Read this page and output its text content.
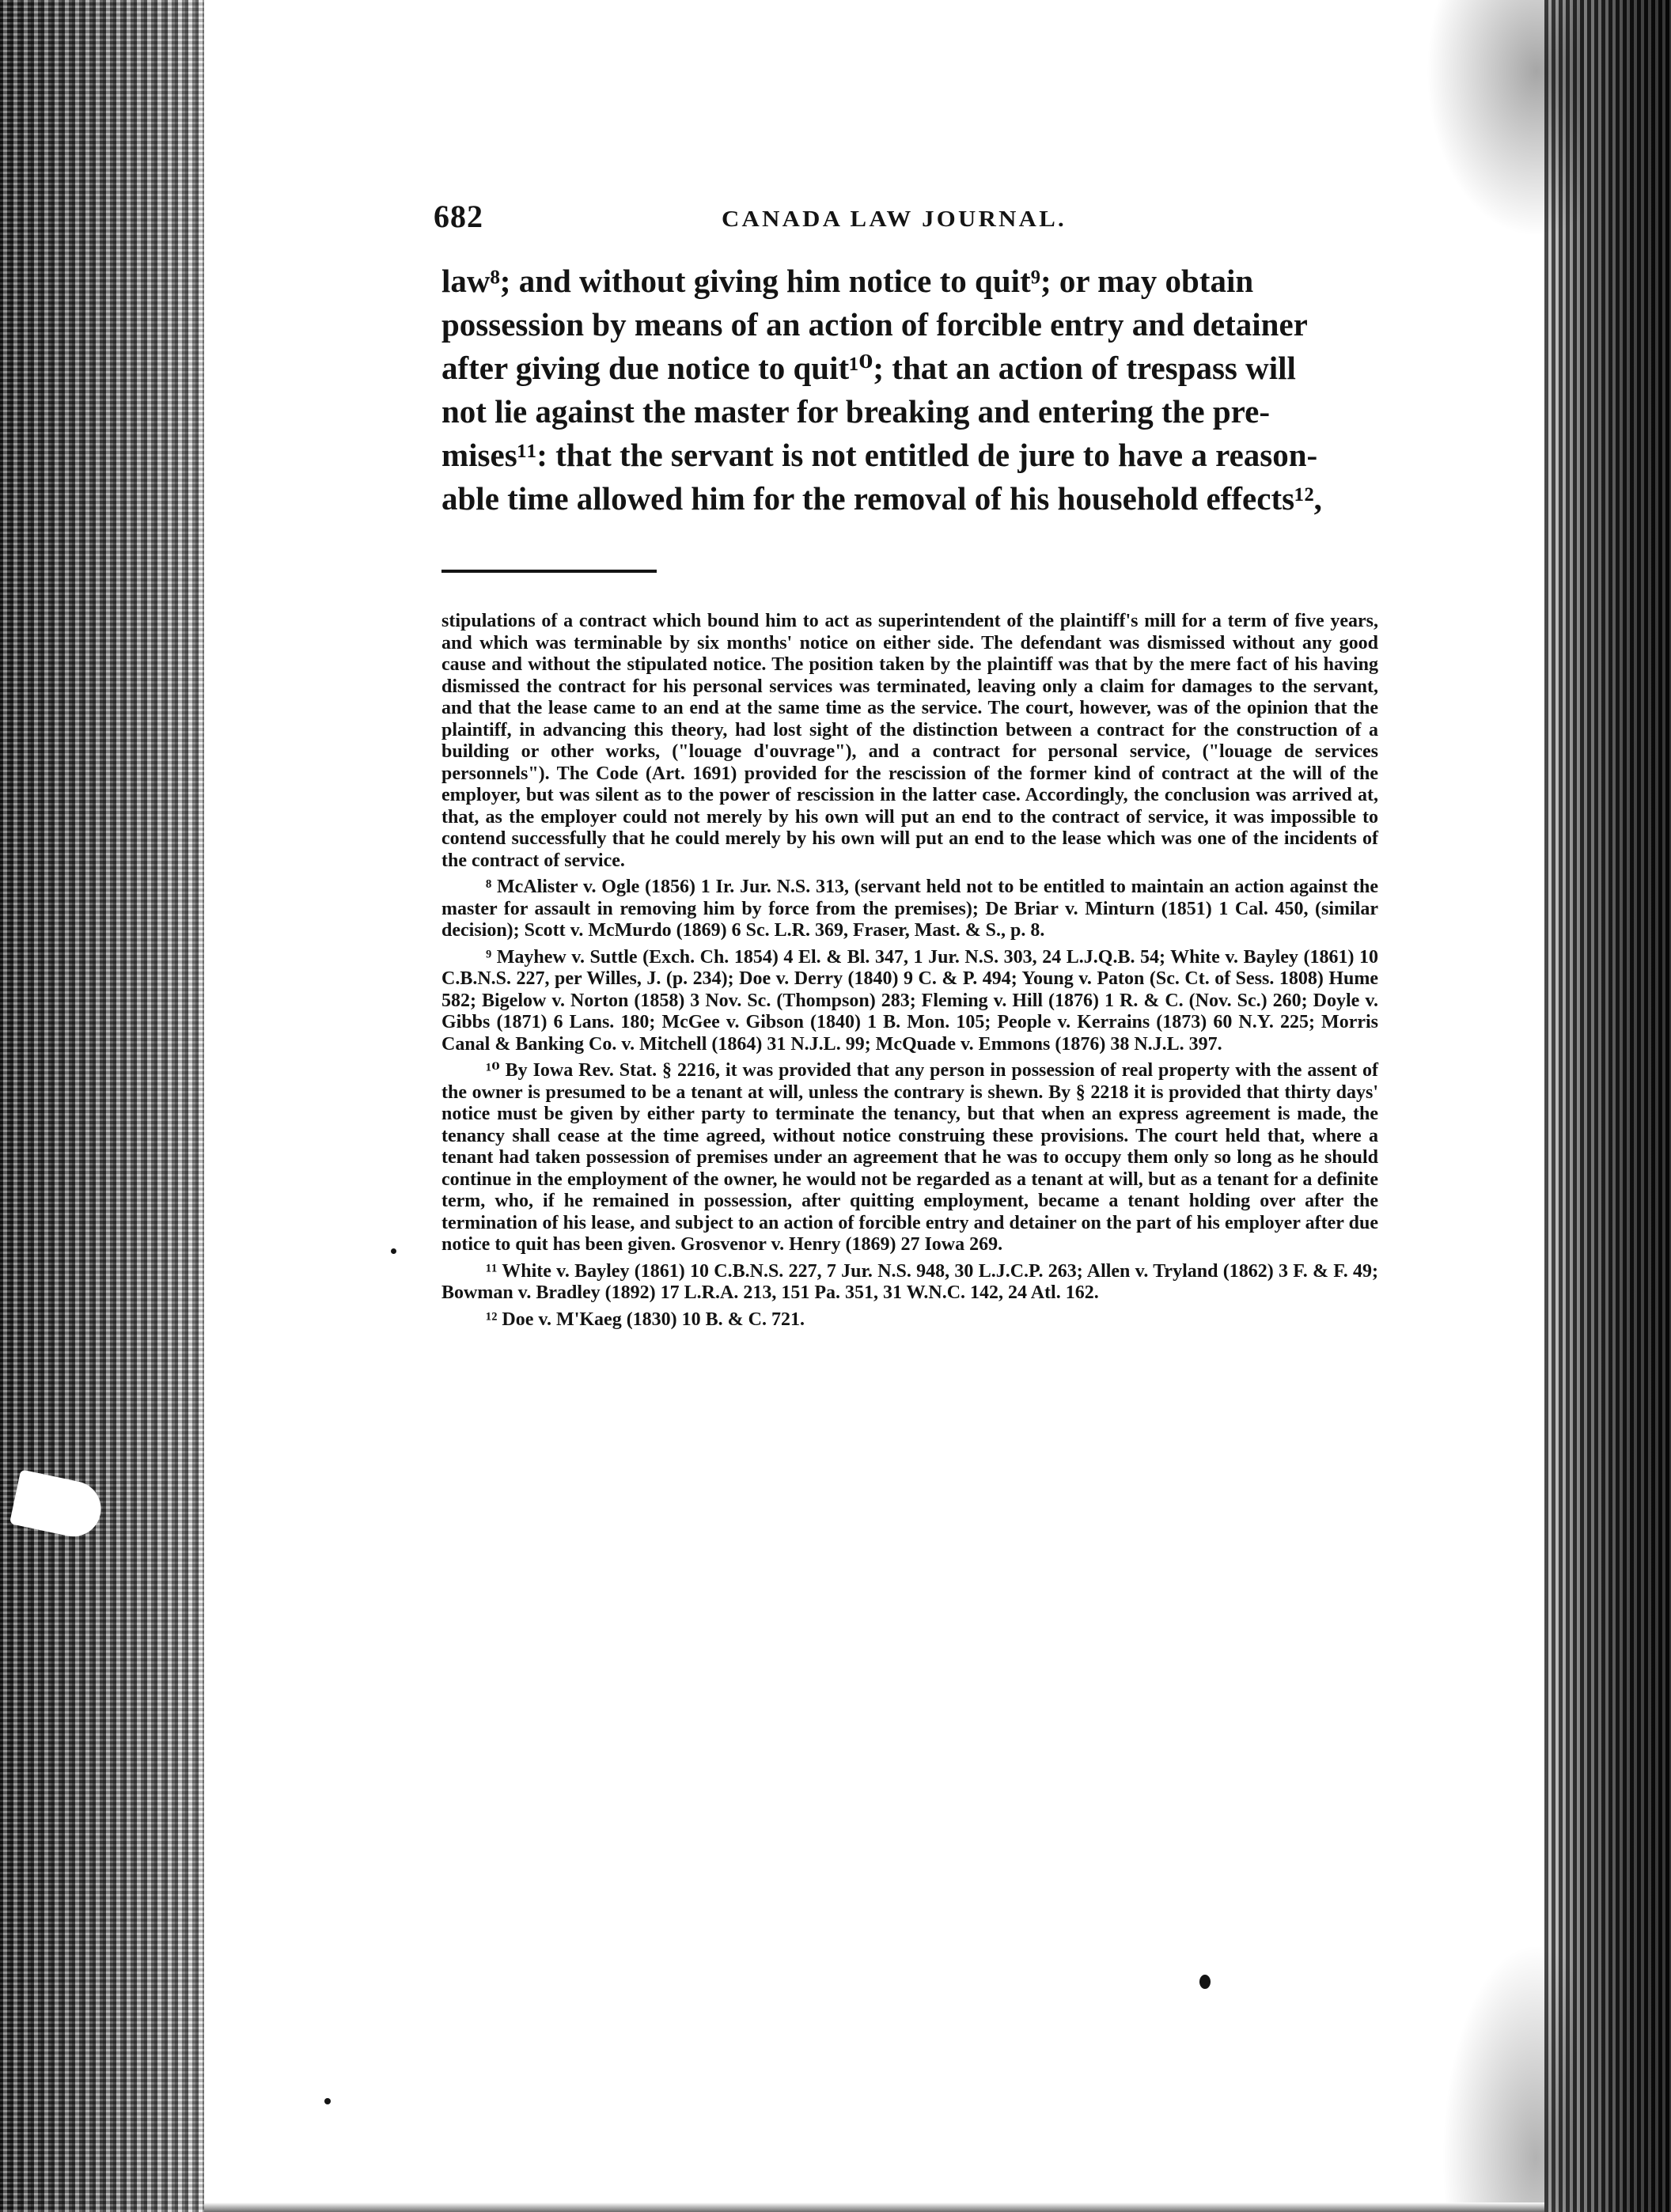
682	CANADA LAW JOURNAL.

law⁸; and without giving him notice to quit⁹; or may obtain

possession by means of an action of forcible entry and detainer

after giving due notice to quit¹⁰; that an action of trespass will

not lie against the master for breaking and entering the pre-

mises¹¹: that the servant is not entitled de jure to have a reason-

able time allowed him for the removal of his household effects¹²,

stipulations of a contract which bound him to act as superintendent of the plaintiff's mill for a term of five years, and which was terminable by six months' notice on either side. The defendant was dismissed without any good cause and without the stipulated notice. The position taken by the plaintiff was that by the mere fact of his having dismissed the contract for his personal services was terminated, leaving only a claim for damages to the servant, and that the lease came to an end at the same time as the service. The court, however, was of the opinion that the plaintiff, in advancing this theory, had lost sight of the distinction between a contract for the construction of a building or other works, ("louage d'ouvrage"), and a contract for personal service, ("louage de services personnels"). The Code (Art. 1691) provided for the rescission of the former kind of contract at the will of the employer, but was silent as to the power of rescission in the latter case. Accordingly, the conclusion was arrived at, that, as the employer could not merely by his own will put an end to the contract of service, it was impossible to contend successfully that he could merely by his own will put an end to the lease which was one of the incidents of the contract of service.

⁸ McAlister v. Ogle (1856) 1 Ir. Jur. N.S. 313, (servant held not to be entitled to maintain an action against the master for assault in removing him by force from the premises); De Briar v. Minturn (1851) 1 Cal. 450, (similar decision); Scott v. McMurdo (1869) 6 Sc. L.R. 369, Fraser, Mast. & S., p. 8.

⁹ Mayhew v. Suttle (Exch. Ch. 1854) 4 El. & Bl. 347, 1 Jur. N.S. 303, 24 L.J.Q.B. 54; White v. Bayley (1861) 10 C.B.N.S. 227, per Willes, J. (p. 234); Doe v. Derry (1840) 9 C. & P. 494; Young v. Paton (Sc. Ct. of Sess. 1808) Hume 582; Bigelow v. Norton (1858) 3 Nov. Sc. (Thompson) 283; Fleming v. Hill (1876) 1 R. & C. (Nov. Sc.) 260; Doyle v. Gibbs (1871) 6 Lans. 180; McGee v. Gibson (1840) 1 B. Mon. 105; People v. Kerrains (1873) 60 N.Y. 225; Morris Canal & Banking Co. v. Mitchell (1864) 31 N.J.L. 99; McQuade v. Emmons (1876) 38 N.J.L. 397.

¹⁰ By Iowa Rev. Stat. § 2216, it was provided that any person in possession of real property with the assent of the owner is presumed to be a tenant at will, unless the contrary is shewn. By § 2218 it is provided that thirty days' notice must be given by either party to terminate the tenancy, but that when an express agreement is made, the tenancy shall cease at the time agreed, without notice construing these provisions. The court held that, where a tenant had taken possession of premises under an agreement that he was to occupy them only so long as he should continue in the employment of the owner, he would not be regarded as a tenant at will, but as a tenant for a definite term, who, if he remained in possession, after quitting employment, became a tenant holding over after the termination of his lease, and subject to an action of forcible entry and detainer on the part of his employer after due notice to quit has been given. Grosvenor v. Henry (1869) 27 Iowa 269.

¹¹ White v. Bayley (1861) 10 C.B.N.S. 227, 7 Jur. N.S. 948, 30 L.J.C.P. 263; Allen v. Tryland (1862) 3 F. & F. 49; Bowman v. Bradley (1892) 17 L.R.A. 213, 151 Pa. 351, 31 W.N.C. 142, 24 Atl. 162.

¹² Doe v. M'Kaeg (1830) 10 B. & C. 721.
